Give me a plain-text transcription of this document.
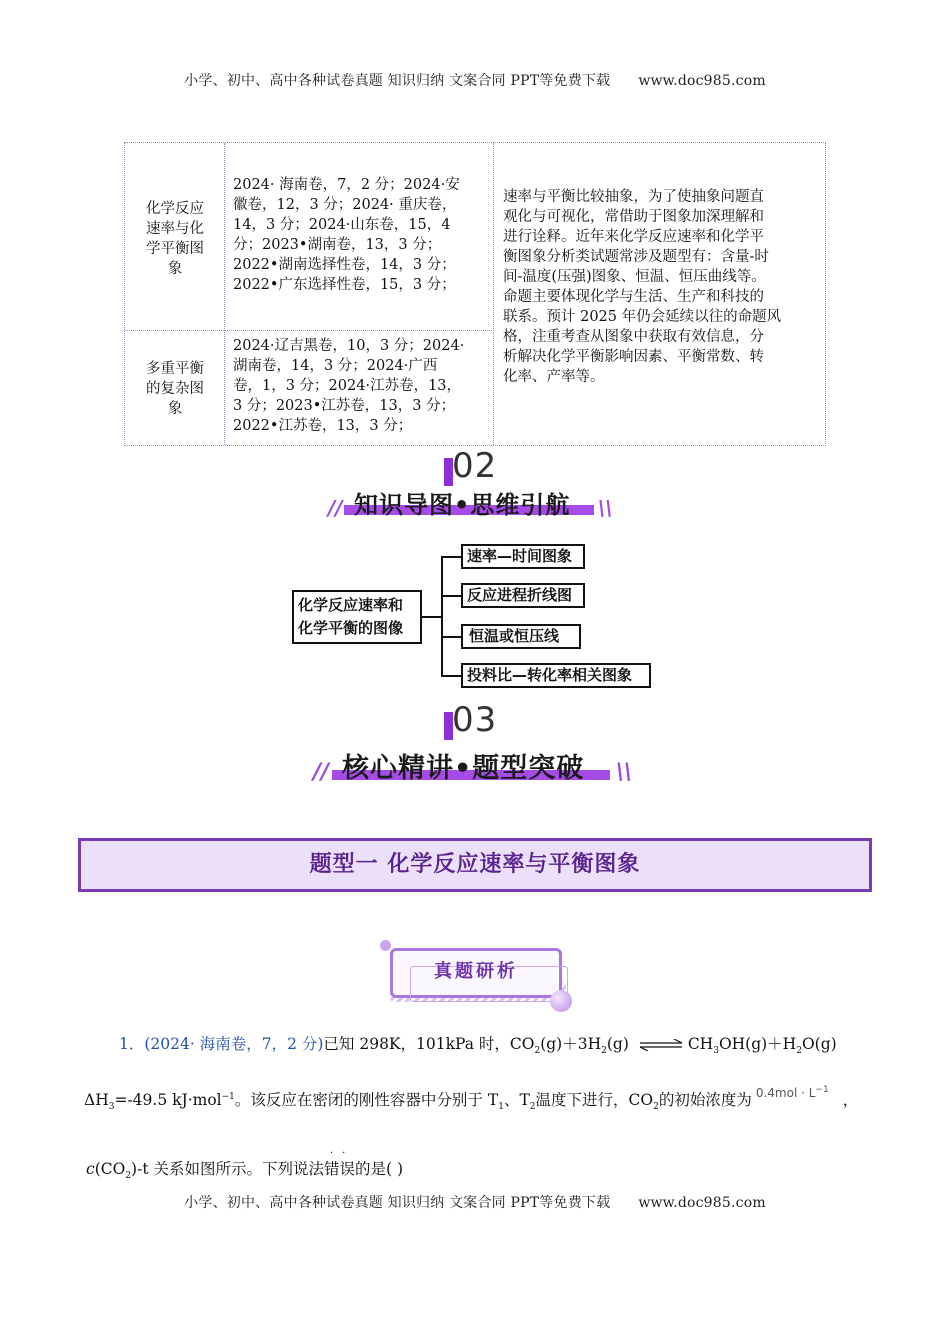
小学、初中、高中各种试卷真题 知识归纳 文案合同 PPT等免费下载 www.doc985.com
化学反应
速率与化
学平衡图
象
2024· 海南卷，7，2 分；2024·安
徽卷，12，3 分；2024· 重庆卷，
14，3 分；2024·山东卷，15，4
分；2023•湖南卷，13，3 分；
2022•湖南选择性卷，14，3 分；
2022•广东选择性卷，15，3 分；
多重平衡
的复杂图
象
2024·辽吉黑卷，10，3 分；2024·
湖南卷，14，3 分；2024·广西
卷，1，3 分；2024·江苏卷，13，
3 分；2023•江苏卷，13，3 分；
2022•江苏卷，13，3 分；
速率与平衡比较抽象，为了使抽象问题直
观化与可视化，常借助于图象加深理解和
进行诠释。近年来化学反应速率和化学平
衡图象分析类试题常涉及题型有：含量-时
间-温度(压强)图象、恒温、恒压曲线等。
命题主要体现化学与生活、生产和科技的
联系。预计 2025 年仍会延续以往的命题风
格，注重考查从图象中获取有效信息，分
析解决化学平衡影响因素、平衡常数、转
化率、产率等。
02
//	\\
知识导图•思维引航
化学反应速率和
化学平衡的图像
速率—时间图象
反应进程折线图
恒温或恒压线
投料比—转化率相关图象
03
//	\\
核心精讲•题型突破
题型一 化学反应速率与平衡图象
真题研析
1．(2024· 海南卷，7，2 分)已知 298K，101kPa 时，$CO_2(g)+3H_2(g)$ ⇌ $CH_3OH(g)+H_2O(g)$
$\Delta H_3=-49.5$ kJ·mol$^{-1}$。该反应在密闭的刚性容器中分别于 $T_1$、$T_2$温度下进行，$CO_2$的初始浓度为 $^{0.4mol \cdot L^{-1}}$，
$c(CO_2)-t$ 关系如图所示。下列说法错误
··
的是( )
小学、初中、高中各种试卷真题 知识归纳 文案合同 PPT等免费下载 www.doc985.com
